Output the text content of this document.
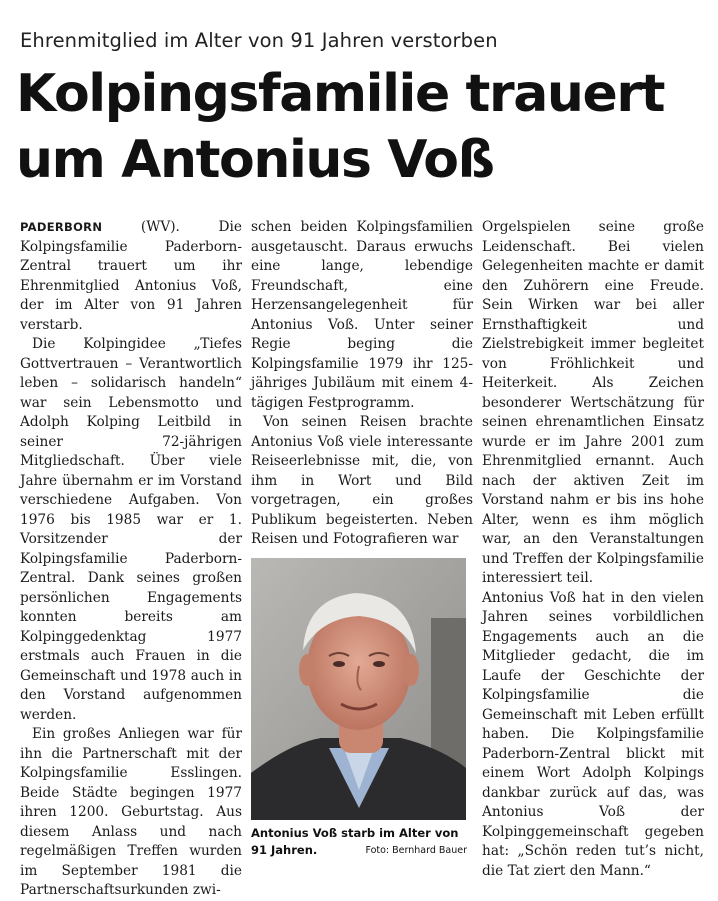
Ehrenmitglied im Alter von 91 Jahren verstorben
Kolpingsfamilie trauert
um Antonius Voß

PADERBORN (WV). Die Kolpingsfamilie Paderborn-Zentral trauert um ihr Ehrenmitglied Antonius Voß, der im Alter von 91 Jahren verstarb.

Die Kolpingidee „Tiefes Gottvertrauen – Verantwortlich leben – solidarisch handeln“ war sein Lebensmotto und Adolph Kolping Leitbild in seiner 72-jährigen Mitgliedschaft. Über viele Jahre übernahm er im Vorstand verschiedene Aufgaben. Von 1976 bis 1985 war er 1. Vorsitzender der Kolpingsfamilie Paderborn-Zentral. Dank seines großen persönlichen Engagements konnten bereits am Kolpinggedenktag 1977 erstmals auch Frauen in die Gemeinschaft und 1978 auch in den Vorstand aufgenommen werden.

Ein großes Anliegen war für ihn die Partnerschaft mit der Kolpingsfamilie Esslingen. Beide Städte begingen 1977 ihren 1200. Geburtstag. Aus diesem Anlass und nach regelmäßigen Treffen wurden im September 1981 die Partnerschaftsurkunden zwi-

schen beiden Kolpingsfamilien ausgetauscht. Daraus erwuchs eine lange, lebendige Freundschaft, eine Herzensangelegenheit für Antonius Voß. Unter seiner Regie beging die Kolpingsfamilie 1979 ihr 125-jähriges Jubiläum mit einem 4-tägigen Festprogramm.

Von seinen Reisen brachte Antonius Voß viele interessante Reiseerlebnisse mit, die, von ihm in Wort und Bild vorgetragen, ein großes Publikum begeisterten. Neben Reisen und Fotografieren war

Antonius Voß starb im Alter von 91 Jahren.	Foto: Bernhard Bauer

Orgelspielen seine große Leidenschaft. Bei vielen Gelegenheiten machte er damit den Zuhörern eine Freude. Sein Wirken war bei aller Ernsthaftigkeit und Zielstrebigkeit immer begleitet von Fröhlichkeit und Heiterkeit. Als Zeichen besonderer Wertschätzung für seinen ehrenamtlichen Einsatz wurde er im Jahre 2001 zum Ehrenmitglied ernannt. Auch nach der aktiven Zeit im Vorstand nahm er bis ins hohe Alter, wenn es ihm möglich war, an den Veranstaltungen und Treffen der Kolpingsfamilie interessiert teil.

Antonius Voß hat in den vielen Jahren seines vorbildlichen Engagements auch an die Mitglieder gedacht, die im Laufe der Geschichte der Kolpingsfamilie die Gemeinschaft mit Leben erfüllt haben. Die Kolpingsfamilie Paderborn-Zentral blickt mit einem Wort Adolph Kolpings dankbar zurück auf das, was Antonius Voß der Kolpinggemeinschaft gegeben hat: „Schön reden tut’s nicht, die Tat ziert den Mann.“
